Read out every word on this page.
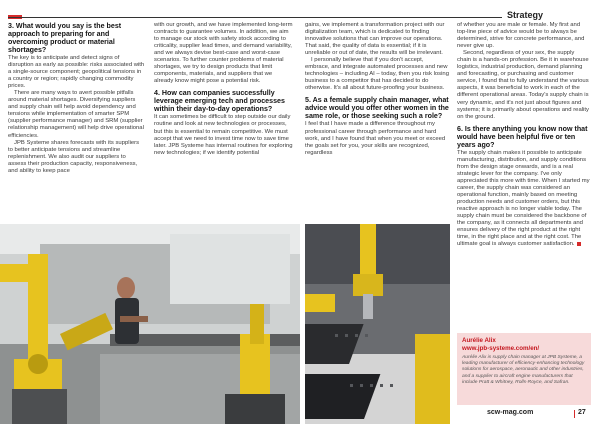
Strategy
3. What would you say is the best approach to preparing for and overcoming product or material shortages?

The key is to anticipate and detect signs of disruption as early as possible: risks associated with a single-source component; geopolitical tensions in a country or region; rapidly changing commodity prices.

There are many ways to avert possible pitfalls around material shortages. Diversifying suppliers and supply chain will help avoid dependency and tensions while implementation of smarter SPM (supplier performance manager) and SRM (supplier relationship management) will help drive operational efficiencies.

JPB Systeme shares forecasts with its suppliers to better anticipate tensions and streamline replenishment. We also audit our suppliers to assess their production capacity, responsiveness, and ability to keep pace

with our growth, and we have implemented long-term contracts to guarantee volumes. In addition, we aim to manage our stock with safety stock according to criticality, supplier lead times, and demand variability, and we always devise best-case and worst-case scenarios. To further counter problems of material shortages, we try to design products that limit components, materials, and suppliers that we already know might pose a potential risk.

4. How can companies successfully leverage emerging tech and processes within their day-to-day operations?

It can sometimes be difficult to step outside our daily routine and look at new technologies or processes, but this is essential to remain competitive. We must accept that we need to invest time now to save time later. JPB Systeme has internal routines for exploring new technologies; if we identify potential

gains, we implement a transformation project with our digitalization team, which is dedicated to finding innovative solutions that can improve our operations. That said, the quality of data is essential; if it is unreliable or out of date, the results will be irrelevant.

I personally believe that if you don't accept, embrace, and integrate automated processes and new technologies – including AI – today, then you risk losing business to a competitor that has decided to do otherwise. It's all about future-proofing your business.

5. As a female supply chain manager, what advice would you offer other women in the same role, or those seeking such a role?

I feel that I have made a difference throughout my professional career through performance and hard work, and I have found that when you meet or exceed the goals set for you, your skills are recognized, regardless

of whether you are male or female. My first and top-line piece of advice would be to always be determined, strive for concrete performance, and never give up.

Second, regardless of your sex, the supply chain is a hands-on profession. Be it in warehouse logistics, industrial production, demand planning and forecasting, or purchasing and customer service, I found that to fully understand the various aspects, it was beneficial to work in each of the different operational areas. Today's supply chain is very dynamic, and it's not just about figures and systems; it is primarily about operations and reality on the ground.

6. Is there anything you know now that would have been helpful five or ten years ago?

The supply chain makes it possible to anticipate manufacturing, distribution, and supply conditions from the design stage onwards, and is a real strategic lever for the company. I've only appreciated this more with time. When I started my career, the supply chain was considered an operational function, mainly based on meeting production needs and customer orders, but this reactive approach is no longer viable today. The supply chain must be considered the backbone of the company, as it connects all departments and ensures delivery of the right product at the right time, in the right place and at the right cost. The ultimate goal is always customer satisfaction.

Aurélie Alix
www.jpb-systeme.com/en/
Aurélie Alix is supply chain manager at JPB Systeme, a leading manufacturer of efficiency-enhancing technology solutions for aerospace, aeronautic and other industries, and a supplier to aircraft engine manufacturers that include Pratt & Whitney, Rolls-Royce, and Safran.
scw-mag.com	27
